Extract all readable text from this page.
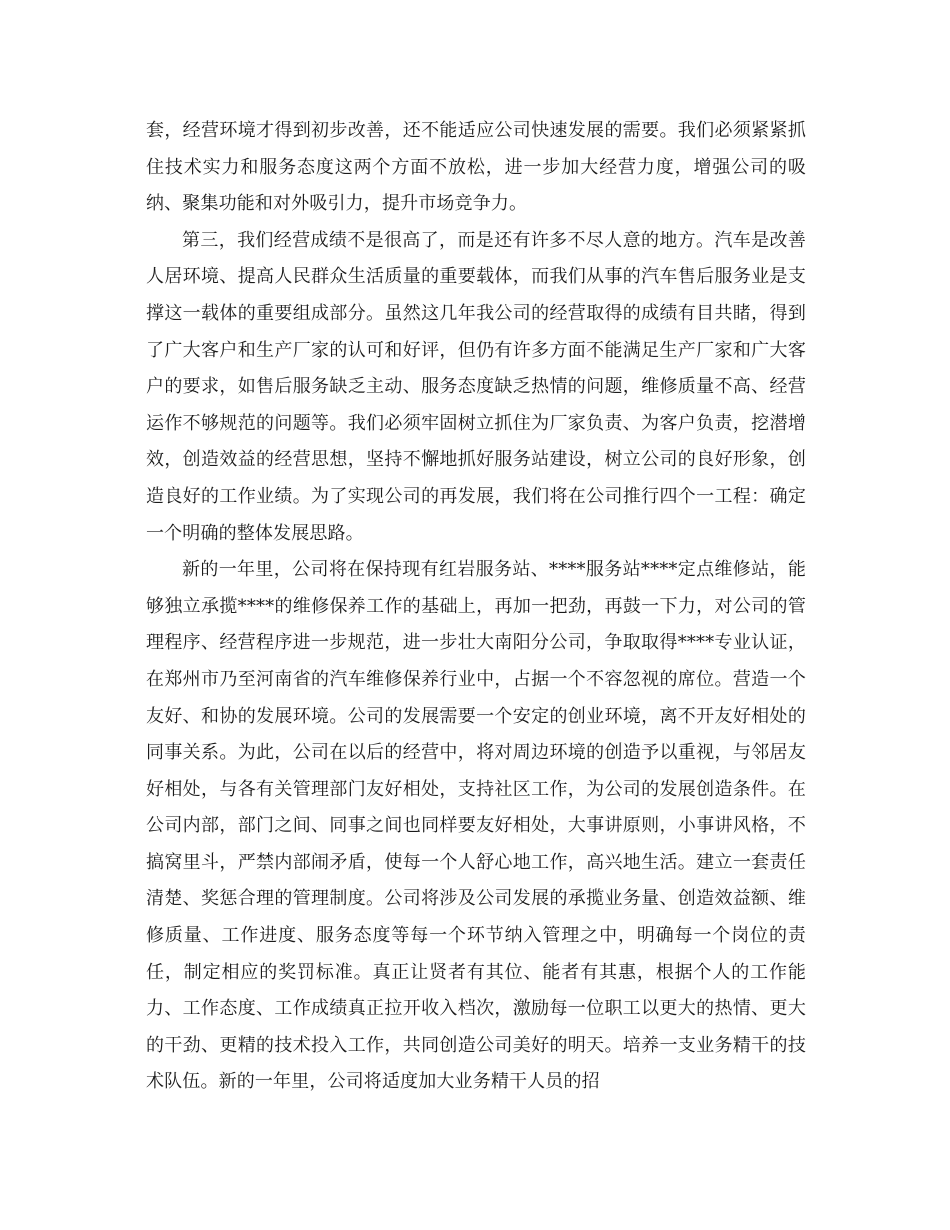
套，经营环境才得到初步改善，还不能适应公司快速发展的需要。我们必须紧紧抓住技术实力和服务态度这两个方面不放松，进一步加大经营力度，增强公司的吸纳、聚集功能和对外吸引力，提升市场竞争力。

第三，我们经营成绩不是很高了，而是还有许多不尽人意的地方。汽车是改善人居环境、提高人民群众生活质量的重要载体，而我们从事的汽车售后服务业是支撑这一载体的重要组成部分。虽然这几年我公司的经营取得的成绩有目共睹，得到了广大客户和生产厂家的认可和好评，但仍有许多方面不能满足生产厂家和广大客户的要求，如售后服务缺乏主动、服务态度缺乏热情的问题，维修质量不高、经营运作不够规范的问题等。我们必须牢固树立抓住为厂家负责、为客户负责，挖潜增效，创造效益的经营思想，坚持不懈地抓好服务站建设，树立公司的良好形象，创造良好的工作业绩。为了实现公司的再发展，我们将在公司推行四个一工程：确定一个明确的整体发展思路。

新的一年里，公司将在保持现有红岩服务站、****服务站****定点维修站，能够独立承揽****的维修保养工作的基础上，再加一把劲，再鼓一下力，对公司的管理程序、经营程序进一步规范，进一步壮大南阳分公司，争取取得****专业认证，在郑州市乃至河南省的汽车维修保养行业中，占据一个不容忽视的席位。营造一个友好、和协的发展环境。公司的发展需要一个安定的创业环境，离不开友好相处的同事关系。为此，公司在以后的经营中，将对周边环境的创造予以重视，与邻居友好相处，与各有关管理部门友好相处，支持社区工作，为公司的发展创造条件。在公司内部，部门之间、同事之间也同样要友好相处，大事讲原则，小事讲风格，不搞窝里斗，严禁内部闹矛盾，使每一个人舒心地工作，高兴地生活。建立一套责任清楚、奖惩合理的管理制度。公司将涉及公司发展的承揽业务量、创造效益额、维修质量、工作进度、服务态度等每一个环节纳入管理之中，明确每一个岗位的责任，制定相应的奖罚标准。真正让贤者有其位、能者有其惠，根据个人的工作能力、工作态度、工作成绩真正拉开收入档次，激励每一位职工以更大的热情、更大的干劲、更精的技术投入工作，共同创造公司美好的明天。培养一支业务精干的技术队伍。新的一年里，公司将适度加大业务精干人员的招
